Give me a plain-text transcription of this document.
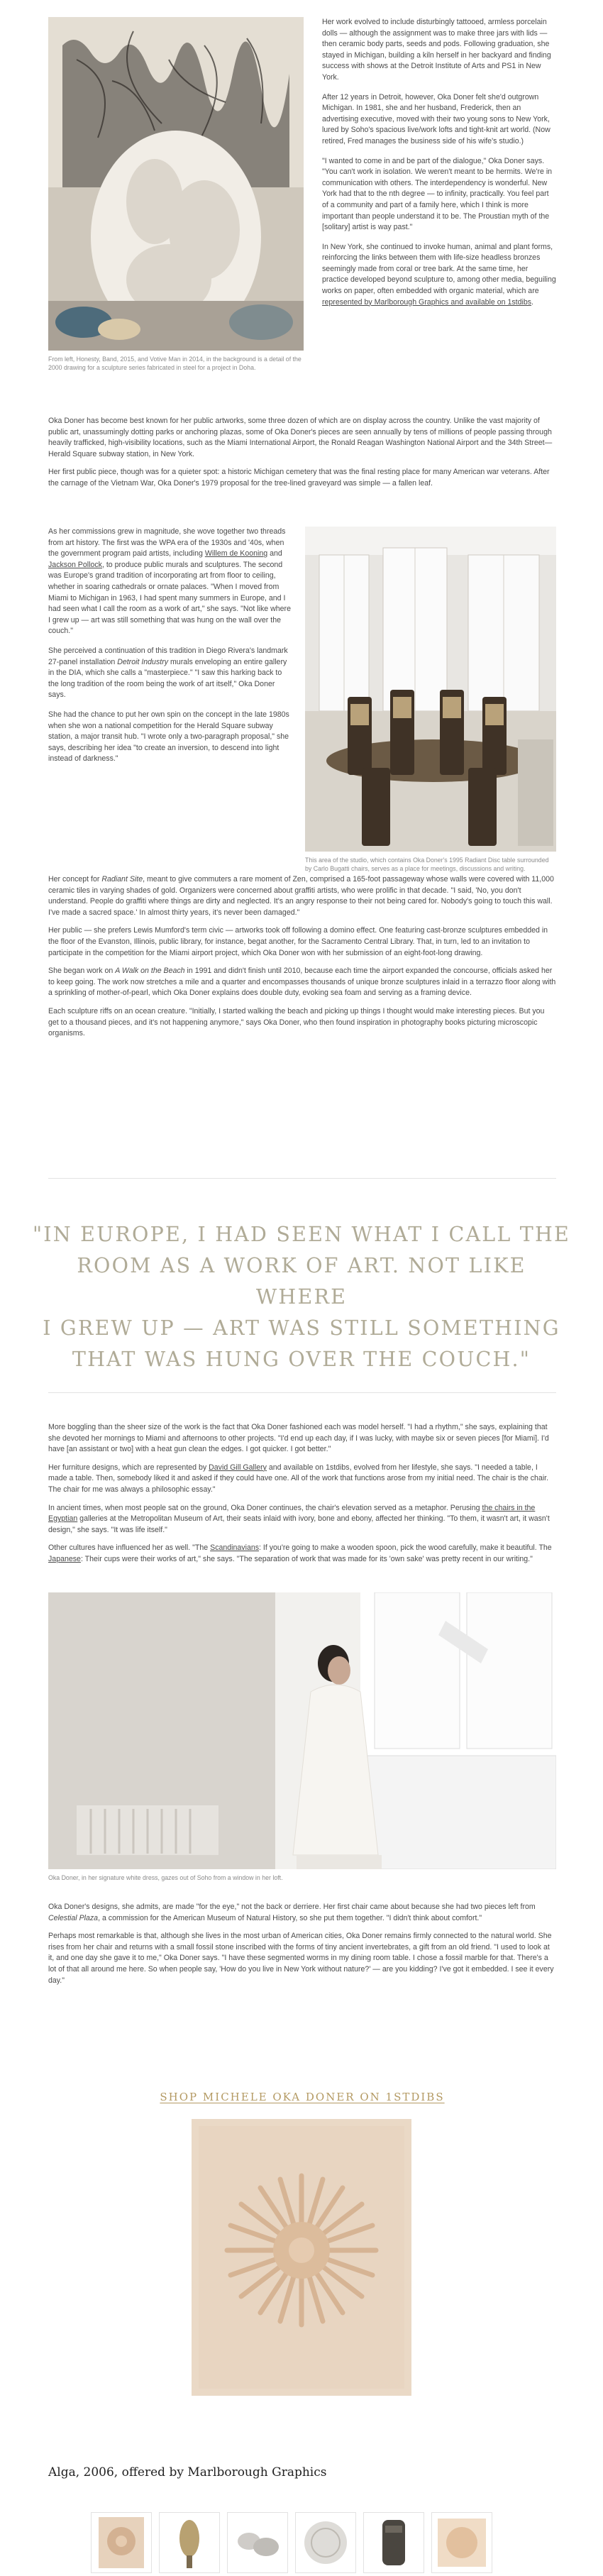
From left, Honesty, Band, 2015, and Votive Man in 2014, in the background is a detail of the 2000 drawing for a sculpture series fabricated in steel for a project in Doha.

Her work evolved to include disturbingly tattooed, armless porcelain dolls — although the assignment was to make three jars with lids — then ceramic body parts, seeds and pods. Following graduation, she stayed in Michigan, building a kiln herself in her backyard and finding success with shows at the Detroit Institute of Arts and PS1 in New York.

After 12 years in Detroit, however, Oka Doner felt she'd outgrown Michigan. In 1981, she and her husband, Frederick, then an advertising executive, moved with their two young sons to New York, lured by Soho's spacious live/work lofts and tight-knit art world. (Now retired, Fred manages the business side of his wife's studio.)

"I wanted to come in and be part of the dialogue," Oka Doner says. "You can't work in isolation. We weren't meant to be hermits. We're in communication with others. The interdependency is wonderful. New York had that to the nth degree — to infinity, practically. You feel part of a community and part of a family here, which I think is more important than people understand it to be. The Proustian myth of the [solitary] artist is way past."

In New York, she continued to invoke human, animal and plant forms, reinforcing the links between them with life-size headless bronzes seemingly made from coral or tree bark. At the same time, her practice developed beyond sculpture to, among other media, beguiling works on paper, often embedded with organic material, which are represented by Marlborough Graphics and available on 1stdibs.

Oka Doner has become best known for her public artworks, some three dozen of which are on display across the country. Unlike the vast majority of public art, unassumingly dotting parks or anchoring plazas, some of Oka Doner's pieces are seen annually by tens of millions of people passing through heavily trafficked, high-visibility locations, such as the Miami International Airport, the Ronald Reagan Washington National Airport and the 34th Street—Herald Square subway station, in New York.

Her first public piece, though was for a quieter spot: a historic Michigan cemetery that was the final resting place for many American war veterans. After the carnage of the Vietnam War, Oka Doner's 1979 proposal for the tree-lined graveyard was simple — a fallen leaf.

As her commissions grew in magnitude, she wove together two threads from art history. The first was the WPA era of the 1930s and '40s, when the government program paid artists, including Willem de Kooning and Jackson Pollock, to produce public murals and sculptures. The second was Europe's grand tradition of incorporating art from floor to ceiling, whether in soaring cathedrals or ornate palaces. "When I moved from Miami to Michigan in 1963, I had spent many summers in Europe, and I had seen what I call the room as a work of art," she says. "Not like where I grew up — art was still something that was hung on the wall over the couch."

She perceived a continuation of this tradition in Diego Rivera's landmark 27-panel installation Detroit Industry murals enveloping an entire gallery in the DIA, which she calls a "masterpiece." "I saw this harking back to the long tradition of the room being the work of art itself," Oka Doner says.

She had the chance to put her own spin on the concept in the late 1980s when she won a national competition for the Herald Square subway station, a major transit hub. "I wrote only a two-paragraph proposal," she says, describing her idea "to create an inversion, to descend into light instead of darkness."

This area of the studio, which contains Oka Doner's 1995 Radiant Disc table surrounded by Carlo Bugatti chairs, serves as a place for meetings, discussions and writing.

Her concept for Radiant Site, meant to give commuters a rare moment of Zen, comprised a 165-foot passageway whose walls were covered with 11,000 ceramic tiles in varying shades of gold. Organizers were concerned about graffiti artists, who were prolific in that decade. "I said, 'No, you don't understand. People do graffiti where things are dirty and neglected. It's an angry response to their not being cared for. Nobody's going to touch this wall. I've made a sacred space.' In almost thirty years, it's never been damaged."

Her public — she prefers Lewis Mumford's term civic — artworks took off following a domino effect. One featuring cast-bronze sculptures embedded in the floor of the Evanston, Illinois, public library, for instance, begat another, for the Sacramento Central Library. That, in turn, led to an invitation to participate in the competition for the Miami airport project, which Oka Doner won with her submission of an eight-foot-long drawing.

She began work on A Walk on the Beach in 1991 and didn't finish until 2010, because each time the airport expanded the concourse, officials asked her to keep going. The work now stretches a mile and a quarter and encompasses thousands of unique bronze sculptures inlaid in a terrazzo floor along with a sprinkling of mother-of-pearl, which Oka Doner explains does double duty, evoking sea foam and serving as a framing device.

Each sculpture riffs on an ocean creature. "Initially, I started walking the beach and picking up things I thought would make interesting pieces. But you get to a thousand pieces, and it's not happening anymore," says Oka Doner, who then found inspiration in photography books picturing microscopic organisms.

"IN EUROPE, I HAD SEEN WHAT I CALL THE
ROOM AS A WORK OF ART. NOT LIKE WHERE
I GREW UP — ART WAS STILL SOMETHING
THAT WAS HUNG OVER THE COUCH."

More boggling than the sheer size of the work is the fact that Oka Doner fashioned each was model herself. "I had a rhythm," she says, explaining that she devoted her mornings to Miami and afternoons to other projects. "I'd end up each day, if I was lucky, with maybe six or seven pieces [for Miami]. I'd have [an assistant or two] with a heat gun clean the edges. I got quicker. I got better."

Her furniture designs, which are represented by David Gill Gallery and available on 1stdibs, evolved from her lifestyle, she says. "I needed a table, I made a table. Then, somebody liked it and asked if they could have one. All of the work that functions arose from my initial need. The chair is the chair. The chair for me was always a philosophic essay."

In ancient times, when most people sat on the ground, Oka Doner continues, the chair's elevation served as a metaphor. Perusing the chairs in the Egyptian galleries at the Metropolitan Museum of Art, their seats inlaid with ivory, bone and ebony, affected her thinking. "To them, it wasn't art, it wasn't design," she says. "It was life itself."

Other cultures have influenced her as well. "The Scandinavians: If you're going to make a wooden spoon, pick the wood carefully, make it beautiful. The Japanese: Their cups were their works of art," she says. "The separation of work that was made for its 'own sake' was pretty recent in our writing."

Oka Doner, in her signature white dress, gazes out of Soho from a window in her loft.

Oka Doner's designs, she admits, are made "for the eye," not the back or derriere. Her first chair came about because she had two pieces left from Celestial Plaza, a commission for the American Museum of Natural History, so she put them together. "I didn't think about comfort."

Perhaps most remarkable is that, although she lives in the most urban of American cities, Oka Doner remains firmly connected to the natural world. She rises from her chair and returns with a small fossil stone inscribed with the forms of tiny ancient invertebrates, a gift from an old friend. "I used to look at it, and one day she gave it to me," Oka Doner says. "I have these segmented worms in my dining room table. I chose a fossil marble for that. There's a lot of that all around me here. So when people say, 'How do you live in New York without nature?' — are you kidding? I've got it embedded. I see it every day."

SHOP MICHELE OKA DONER ON 1STDIBS
Alga, 2006, offered by Marlborough Graphics
